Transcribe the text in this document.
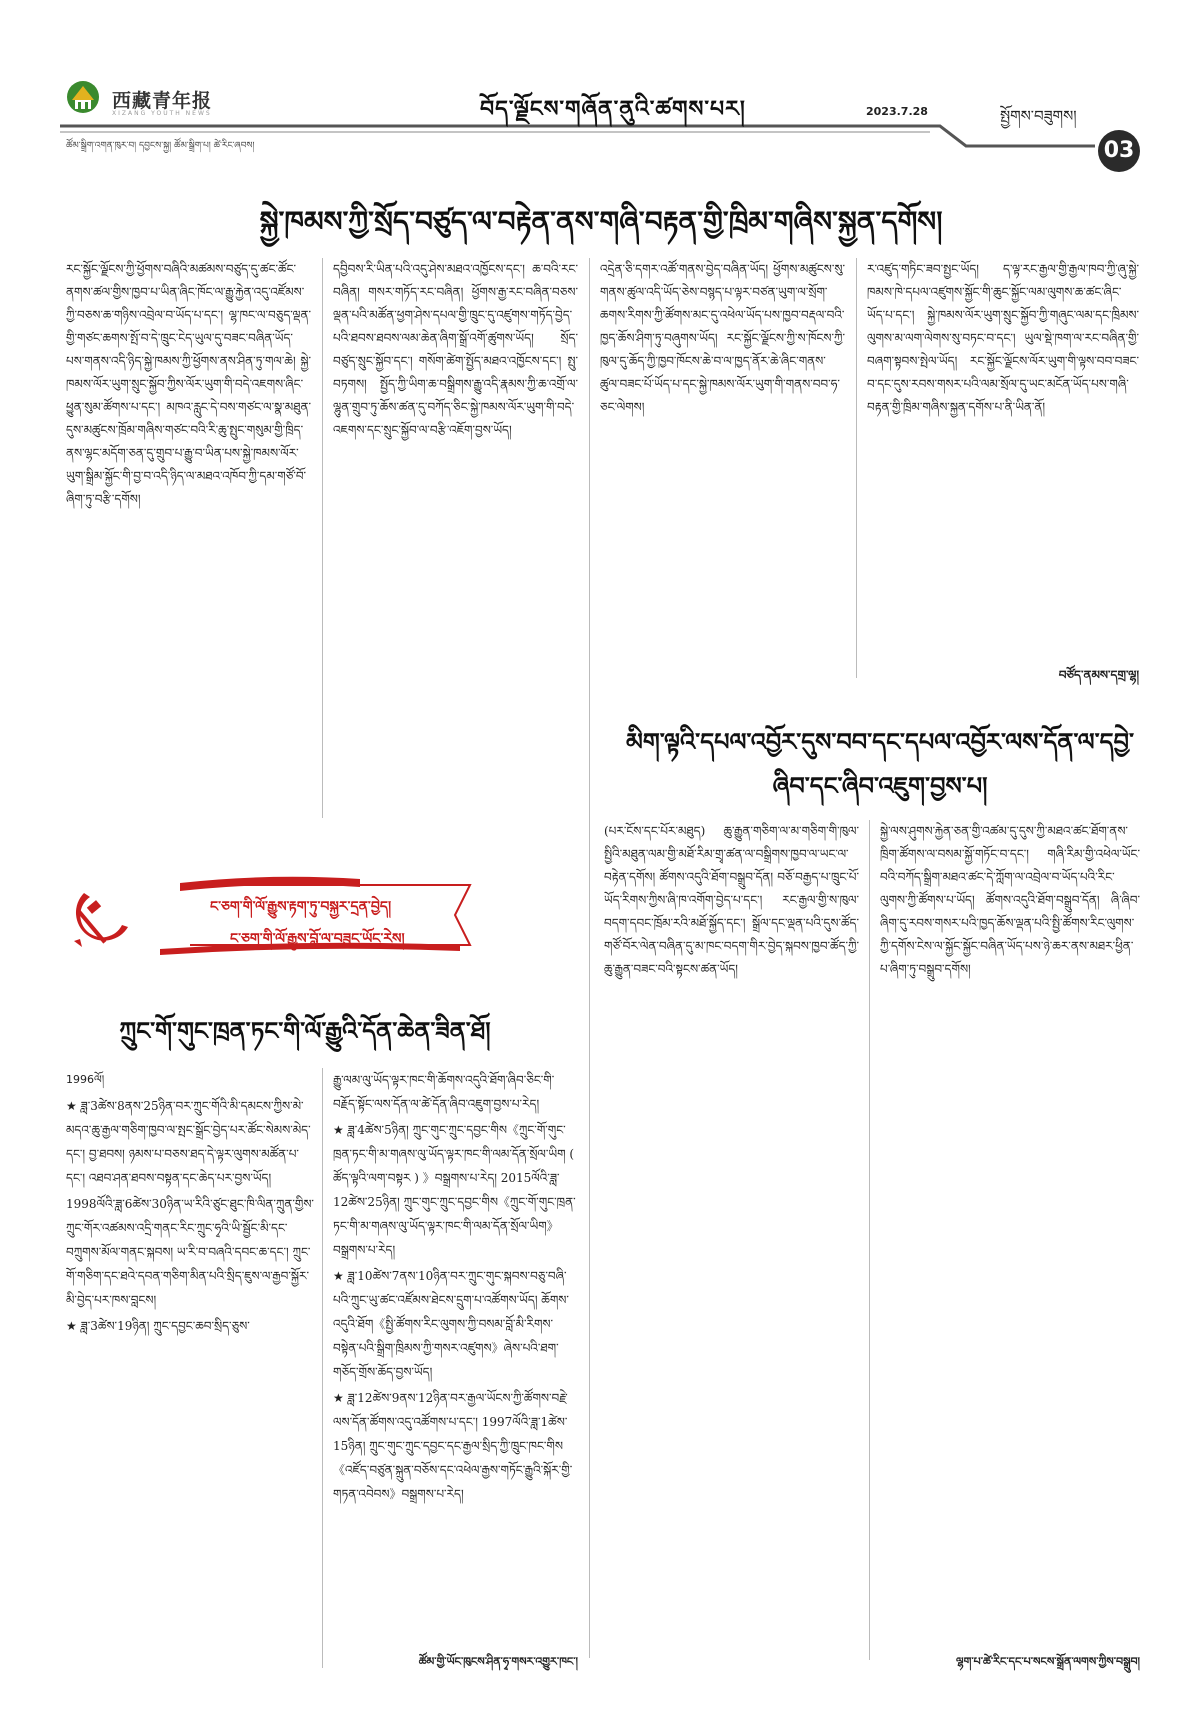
西藏青年报
XIZANG YOUTH NEWS	བོད་ལྗོངས་གཞོན་ནུའི་ཚགས་པར།	2023.7.28	སྤྱོགས་བཟུགས།
03
ཚོམ་སྒྲིག་འགན་ཁུར་བ། དབྱངས་སྐྱ། ཚོམ་སྒྲིག་པ། ཚེ་རིང་ཞབས།
སྐྱེ་ཁམས་ཀྱི་སྲོད་བཙུད་ལ་བརྟེན་ནས་གཞི་བརྟན་གྱི་ཁྲིམ་གཞིས་སྐྱན་དགོས།

རང་སྐྱོང་ལྗོངས་ཀྱི་ཕྱོགས་བཞིའི་མཚམས་བཙུད་དུ་ཚང་ཚོང་ནགས་ཚལ་གྱིས་ཁྱབ་པ་ཡིན་ཞིང་ཁོང་ལ་རྒྱུ་རྐྱེན་འདུ་འཛོམས་ཀྱི་བཅས་ཆ་གཉིས་འབྲེལ་བ་ཡོད་པ་དང་། ལྷ་ཁང་ལ་བཅུད་ལྡན་གྱི་གཙང་ཆགས་སྤོ་བ་དེ་ཁྲུང་ངེད་ཡུལ་དུ་བཟང་བཞིན་ཡོད་པས་གནས་འདི་ཉིད་སྐྱེ་ཁམས་ཀྱི་ཕྱོགས་ནས་ཤིན་ཏུ་གལ་ཆེ། སྐྱེ་ཁམས་ལོར་ཡུག་སྲུང་སྐྱོབ་ཀྱིས་ལོར་ཡུག་གི་བདེ་འཇགས་ཞིང་ཕྱུན་སུམ་ཚོགས་པ་དང་། མཁའ་རླུང་དེ་བས་གཙང་ལ་སྣ་མཐུན་དུས་མཚུངས་ཁྲོམ་གཞིས་གཙང་བའི་རི་ཆུ་སྤུང་གསུམ་གྱི་ཁྲིད་ནས་ལྷང་མདོག་ཅན་དུ་གྲུབ་པ་རྒྱུ་བ་ཡིན་པས་སྐྱེ་ཁམས་ལོར་ཡུག་སྒྲིམ་སྐྱོང་གི་བྱ་བ་འདི་ཉིད་ལ་མཐའ་འཁོབ་ཀྱི་དམ་གཙོ་བོ་ཞིག་ཏུ་བརྩི་དགོས།

དབྱིབས་རི་ཡིན་པའི་འདུ་ཤེས་མཐའ་འཁྱོངས་དང་། ཆ་བའི་རང་བཞིན། གསར་གཏོད་རང་བཞིན། ཕྱོགས་རྒྱ་རང་བཞིན་བཅས་ལྡན་པའི་མཚོན་ཕྱག་ཤེས་དཔལ་གྱི་ཁྲུང་དུ་འཛུགས་གཏོད་བྱེད་པའི་ཐབས་ཐབས་ལམ་ཆེན་ཞིག་སྒྲོ་འགོ་ཚུགས་ཡོད། སྲོད་བཙུད་སྲུང་སྐྱོབ་དང་། གསོག་ཚེག་སྤྱོད་མཐའ་འཁྱོངས་དང་། སྤུ་བཏགས། སྤྱོད་ཀྱི་ཡིག་ཆ་བསྒྲིགས་རྒྱུ་འདི་རྣམས་ཀྱི་ཆ་འགྲོ་ལ་ལྷུན་གྲུབ་ཏུ་ཆོས་ཚན་དུ་བཀོད་ཅིང་སྐྱེ་ཁམས་ལོར་ཡུག་གི་བདེ་འཇགས་དང་སྲུང་སྐྱོབ་ལ་བརྩི་འཇོག་བྱས་ཡོད།

འདྲེན་ཅི་དགར་འཚོ་གནས་བྱེད་བཞིན་ཡོད། ཕྱོགས་མཚུངས་སུ་གནས་ཚུལ་འདི་ཡོད་ཅེས་བསྙད་པ་ལྟར་བཙན་ཡུག་ལ་སྲོག་ཆགས་རིགས་ཀྱི་ཚོགས་མང་དུ་འཕེལ་ཡོད་པས་ཁྱབ་བརྡལ་བའི་ཁྱད་ཆོས་ཤིག་ཏུ་བཞུགས་ཡོད། རང་སྐྱོང་ལྗོངས་ཀྱི་ས་ཁོངས་ཀྱི་ཁུལ་དུ་ཆོད་ཀྱི་ཁྱབ་ཁོངས་ཆེ་བ་ལ་ཁྱད་ནོར་ཆེ་ཞིང་གནས་ཚུལ་བཟང་པོ་ཡོད་པ་དང་སྐྱེ་ཁམས་ལོར་ཡུག་གི་གནས་བབ་ཧ་ཅང་ལེགས།

ར་འཛུད་གཏིང་ཟབ་སྤྱང་ཡོད། ད་ལྟ་རང་རྒྱལ་གྱི་རྒྱལ་ཁབ་ཀྱི་ཞུ་སྐྱེ་ཁམས་ཁེ་དཔལ་འཛུགས་སྐྱོང་གི་ཆུང་སྐྱོང་ལམ་ལུགས་ཆ་ཚང་ཞིང་ཡོད་པ་དང་། སྐྱེ་ཁམས་ལོར་ཡུག་སྲུང་སྐྱོབ་ཀྱི་གཞུང་ལམ་དང་ཁྲིམས་ལུགས་མ་ལག་ལེགས་སུ་བཏང་བ་དང་། ཡུལ་སྡེ་ཁག་ལ་རང་བཞིན་གྱི་བཞག་སྟབས་སྤེལ་ཡོད། རང་སྐྱོང་ལྗོངས་ལོར་ཡུག་གི་ལྟས་བབ་བཟང་བ་དང་དུས་རབས་གསར་པའི་ལམ་སྲོལ་དུ་ཡང་མངོན་ཡོད་པས་གཞི་བརྟན་གྱི་ཁྲིམ་གཞིས་སྐྱན་དགོས་པ་ནི་ཡིན་ནོ།

བཙོད་ནམས་དགྲ་ལྷ།
མིག་ལྟའི་དཔལ་འབྱོར་དུས་བབ་དང་དཔལ་འབྱོར་ལས་དོན་ལ་དབྱེ་ཞིབ་དང་ཞིབ་འཇུག་བྱས་པ།

(པར་ངོས་དང་པོར་མཐུད) ཆུ་རྒྱུན་གཅིག་ལ་མ་གཅིག་གི་ཁུལ་སྤྱིའི་མཐུན་ལམ་གྱི་མཐོ་རིམ་གྲྭ་ཚན་ལ་བསྒྲིགས་ཁྱབ་ལ་ཡང་ལ་བརྟེན་དགོས། ཚོགས་འདུའི་ཐོག་བསྒྲུབ་དོན། བཅོ་བརྒྱད་པ་ཁྲུང་པོ་ཡོད་རིགས་ཀྱིས་ཞི་ཁ་འགོག་བྱེད་པ་དང་། རང་རྒྱལ་གྱི་ས་ཁུལ་བདག་དབང་ཁྲོམ་རའི་མཐོ་སྐྱོད་དང་། སྒྲོལ་དང་ལྡན་པའི་དུས་ཚོད་གཙོ་བོར་ལེན་བཞིན་དུ་མ་ཁང་བདག་གིར་བྱེད་སྐབས་ཁྱབ་ཚོད་ཀྱི་ཆུ་རྒྱུན་བཟང་བའི་སྟངས་ཚན་ཡོད།

སྐྱེ་ལས་ཤུགས་རྐྱེན་ཅན་གྱི་འཚམ་དུ་དུས་ཀྱི་མཐའ་ཚང་ཐོག་ནས་ཁྲིག་ཚོགས་ལ་བསམ་སྐྱོ་གཏོང་བ་དང་། གཞི་རིམ་གྱི་འཕེལ་ཡོང་བའི་བཀོད་སྒྲིག་མཐའ་ཚང་དེ་ཀློག་ལ་འབྲེལ་བ་ཡོད་པའི་རིང་ལུགས་ཀྱི་ཚོགས་པ་ཡོད། ཚོགས་འདུའི་ཐོག་བསྒྲུབ་དོན། ཞི་ཞིབ་ཞིག་དུ་རབས་གསར་པའི་ཁྱད་ཆོས་ལྡན་པའི་སྤྱི་ཚོགས་རིང་ལུགས་ཀྱི་དགོས་ངེས་ལ་སྐྱོང་སྐྱོང་བཞིན་ཡོད་པས་ཉེ་ཆར་ནས་མཐར་ཕྱིན་པ་ཞིག་ཏུ་བསྒྲུབ་དགོས།

ལྷག་པ་ཚེ་རིང་དང་པ་སངས་སྒྲོན་ལགས་ཀྱིས་བསྒྲུབ།
ང་ཅག་གི་ལོ་རྒྱུས་རྟག་ཏུ་བསྐྱར་དྲན་བྱེད།
ང་ཅག་གི་ལོ་རྒྱུས་བློ་ལ་བཟུང་ཡོང་རེས།
ཀྲུང་གོ་གུང་ཁྲན་ཏང་གི་ལོ་རྒྱུའི་དོན་ཆེན་ཟིན་ཐོ།

1996ལོ།

★ ཟླ་3ཚེས་8ནས་25ཉིན་བར་ཀྲུང་གོའི་མི་དམངས་ཀྱིས་མེ་མདའ་ཆུ་རྒྱལ་གཅིག་ཁྱབ་ལ་སྤང་སྒྲོང་བྱེད་པར་ཚོང་སེམས་མེད་དང་། བྱ་ཐབས། ཉམས་པ་བཅས་ཐད་དེ་ལྟར་ལུགས་མཚོན་པ་དང་། འཐབ་ཤན་ཐབས་བསྟན་དང་ཆེད་པར་བྱས་ཡོད།

1998ལོའི་ཟླ་6ཚེས་30ཉིན་ཡ་རིའི་ཙུང་ཐུང་ཁི་ལིན་ཀྲུན་གྱིས་ཀྲུང་གོར་འཚམས་འདྲི་གནང་རིང་ཀྲུང་ཧྭའི་ཡི་སྦྱོང་མི་དང་བཀྲུགས་མོལ་གནང་སྐབས། ཡ་རི་བ་བཞའི་དབང་ཆ་དང་། ཀྲུང་གོ་གཅིག་དང་ཐའེ་དབན་གཅིག་མིན་པའི་སྲིད་ཇུས་ལ་རྒྱབ་སྐྱོར་མི་བྱེད་པར་ཁས་བླངས།

★ ཟླ་3ཚེས་19ཉིན། ཀྲུང་དབྱང་ཆབ་སྲིད་ཅུས་

རྒྱུ་ལམ་ལུ་ཡོད་ལྟར་ཁང་གི་ཆོགས་འདུའི་ཐོག་ཞིབ་ཅིང་གི་བརྗོད་སྟོང་ལས་དོན་ལ་ཚེ་དོན་ཞིབ་འཇུག་བྱས་པ་རེད།

★ ཟླ་4ཚེས་5ཉིན། ཀྲུང་གུང་ཀྲུང་དབྱང་གིས《ཀྲུང་གོ་གུང་ཁྲན་ཏང་གི་མ་གཞས་ལུ་ཡོད་ལྟར་ཁང་གི་ལམ་དོན་སྲོལ་ཡིག ( ཚོད་ལྟའི་ལག་བསྟར ) 》བསྒྲགས་པ་རེད། 2015ལོའི་ཟླ་12ཚེས་25ཉིན། ཀྲུང་གུང་ཀྲུང་དབྱང་གིས《ཀྲུང་གོ་གུང་ཁྲན་ཏང་གི་མ་གཞས་ལུ་ཡོད་ལྟར་ཁང་གི་ལམ་དོན་སྲོལ་ཡིག》བསྒྲགས་པ་རེད།

★ ཟླ་10ཚེས་7ནས་10ཉིན་བར་ཀྲུང་གུང་སྐབས་བཅུ་བཞི་པའི་ཀྲུང་ཡུ་ཚང་འཛོམས་ཐེངས་དྲུག་པ་འཚོགས་ཡོད། ཆོགས་འདུའི་ཐོག《སྤྱི་ཚོགས་རིང་ལུགས་ཀྱི་བསམ་བློ་མི་རིགས་བསྟེན་པའི་སྒྲིག་ཁྲིམས་ཀྱི་གསར་འཛུགས》ཞེས་པའི་ཐག་གཅོད་གྲོས་ཆོད་བྱས་ཡོད།

★ ཟླ་12ཚེས་9ནས་12ཉིན་བར་རྒྱལ་ཡོངས་ཀྱི་ཚོགས་བརྗེ་ལས་དོན་ཚོགས་འདུ་འཚོགས་པ་དང་། 1997ལོའི་ཟླ་1ཚེས་15ཉིན། ཀྲུང་གུང་ཀྲུང་དབྱང་དང་རྒྱལ་སྲིད་ཀྱི་ཁྲུང་ཁང་གིས《འཛོད་བཙུན་སྐྲུན་བཅོས་དང་འཕེལ་རྒྱས་གཏོང་རྒྱུའི་སྐོར་གྱི་གཏན་འབེབས》བསྒྲགས་པ་རེད།

ཚོམ་གྱི་ཡོང་ཁུངས་ཤིན་ཧྭ་གསར་འགྱུར་ཁང་།
